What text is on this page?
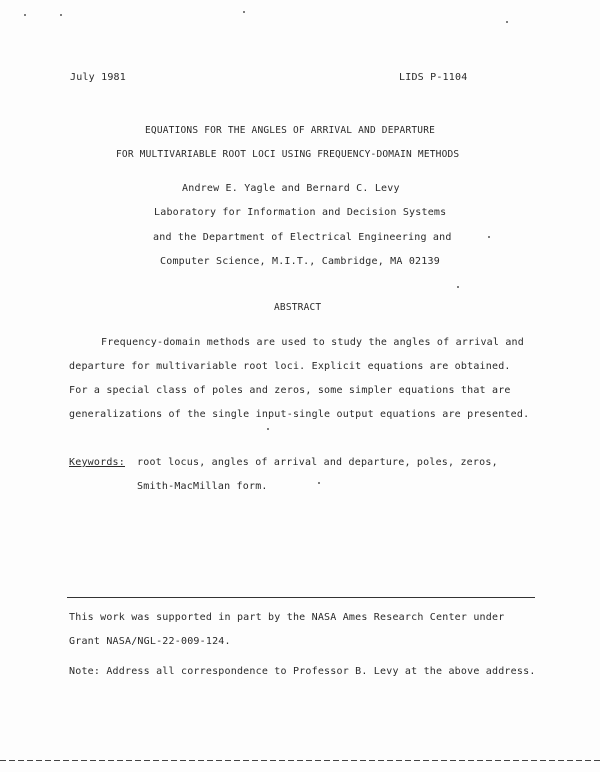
July 1981	LIDS P-1104
EQUATIONS FOR THE ANGLES OF ARRIVAL AND DEPARTURE
FOR MULTIVARIABLE ROOT LOCI USING FREQUENCY-DOMAIN METHODS
Andrew E. Yagle and Bernard C. Levy
Laboratory for Information and Decision Systems
and the Department of Electrical Engineering and
Computer Science, M.I.T., Cambridge, MA 02139
ABSTRACT
Frequency-domain methods are used to study the angles of arrival and
departure for multivariable root loci. Explicit equations are obtained.
For a special class of poles and zeros, some simpler equations that are
generalizations of the single input-single output equations are presented.
Keywords: root locus, angles of arrival and departure, poles, zeros,
Smith-MacMillan form.
This work was supported in part by the NASA Ames Research Center under
Grant NASA/NGL-22-009-124.
Note: Address all correspondence to Professor B. Levy at the above address.
